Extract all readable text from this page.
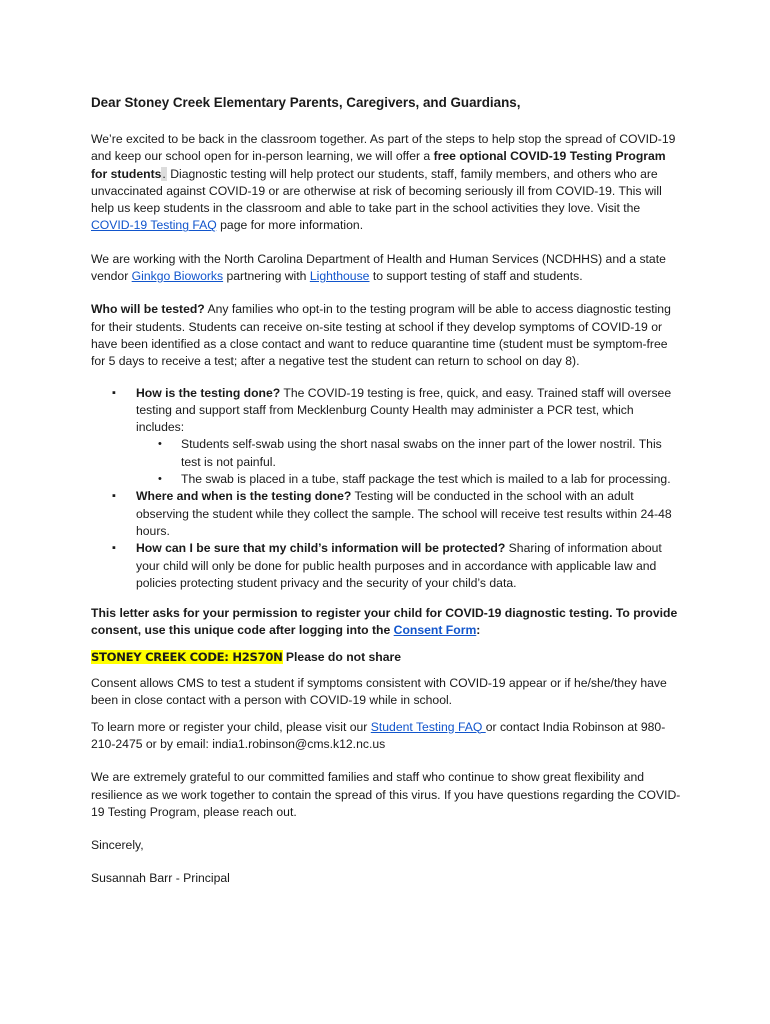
Dear Stoney Creek Elementary Parents, Caregivers, and Guardians,

We’re excited to be back in the classroom together. As part of the steps to help stop the spread of COVID-19 and keep our school open for in-person learning, we will offer a free optional COVID-19 Testing Program for students. Diagnostic testing will help protect our students, staff, family members, and others who are unvaccinated against COVID-19 or are otherwise at risk of becoming seriously ill from COVID-19. This will help us keep students in the classroom and able to take part in the school activities they love. Visit the COVID-19 Testing FAQ page for more information.

We are working with the North Carolina Department of Health and Human Services (NCDHHS) and a state vendor Ginkgo Bioworks partnering with Lighthouse to support testing of staff and students.

Who will be tested? Any families who opt-in to the testing program will be able to access diagnostic testing for their students. Students can receive on-site testing at school if they develop symptoms of COVID-19 or have been identified as a close contact and want to reduce quarantine time (student must be symptom-free for 5 days to receive a test; after a negative test the student can return to school on day 8).

▪ How is the testing done? The COVID-19 testing is free, quick, and easy. Trained staff will oversee testing and support staff from Mecklenburg County Health may administer a PCR test, which includes:
• Students self-swab using the short nasal swabs on the inner part of the lower nostril. This test is not painful.
• The swab is placed in a tube, staff package the test which is mailed to a lab for processing.
▪ Where and when is the testing done? Testing will be conducted in the school with an adult observing the student while they collect the sample. The school will receive test results within 24-48 hours.
▪ How can I be sure that my child’s information will be protected? Sharing of information about your child will only be done for public health purposes and in accordance with applicable law and policies protecting student privacy and the security of your child’s data.

This letter asks for your permission to register your child for COVID-19 diagnostic testing. To provide consent, use this unique code after logging into the Consent Form:

STONEY CREEK CODE: H2S70N Please do not share

Consent allows CMS to test a student if symptoms consistent with COVID-19 appear or if he/she/they have been in close contact with a person with COVID-19 while in school.

To learn more or register your child, please visit our Student Testing FAQ or contact India Robinson at 980-210-2475 or by email: india1.robinson@cms.k12.nc.us

We are extremely grateful to our committed families and staff who continue to show great flexibility and resilience as we work together to contain the spread of this virus. If you have questions regarding the COVID-19 Testing Program, please reach out.

Sincerely,

Susannah Barr - Principal
